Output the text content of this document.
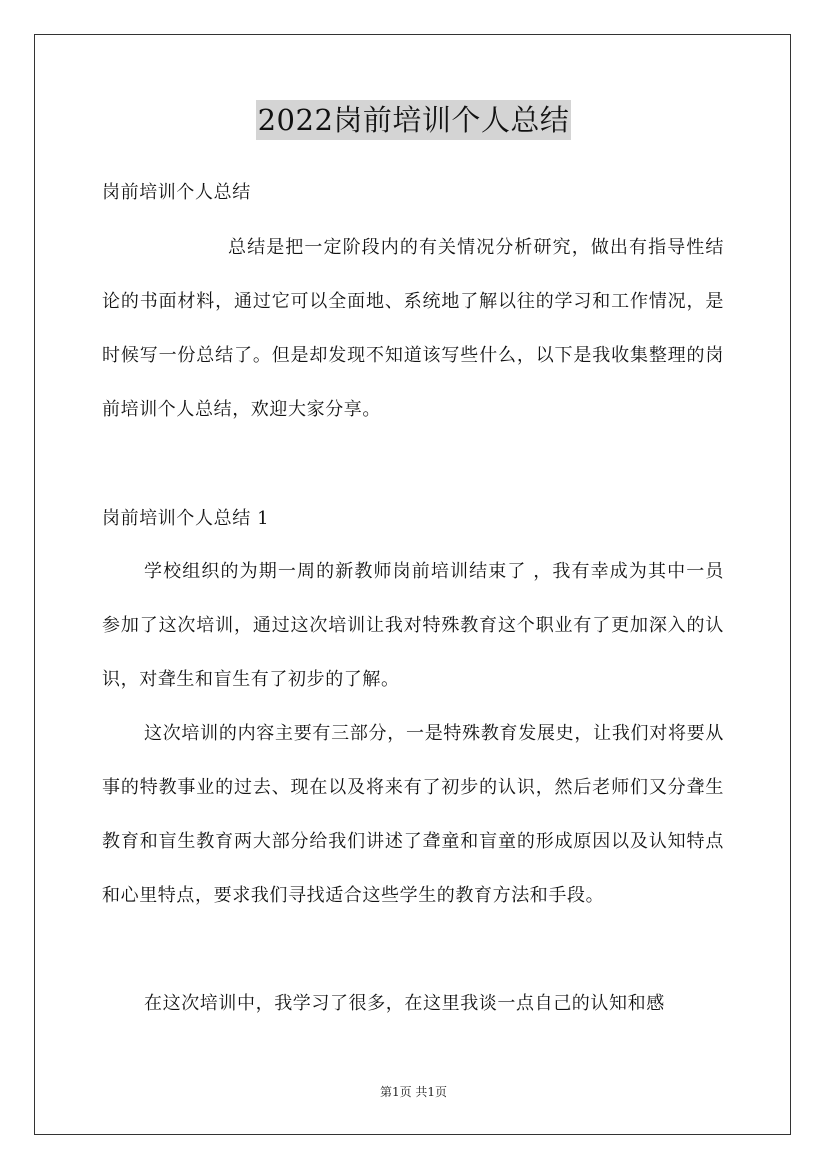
2022岗前培训个人总结
岗前培训个人总结
总结是把一定阶段内的有关情况分析研究，做出有指导性结论的书面材料，通过它可以全面地、系统地了解以往的学习和工作情况，是时候写一份总结了。但是却发现不知道该写些什么，以下是我收集整理的岗前培训个人总结，欢迎大家分享。
岗前培训个人总结 1
学校组织的为期一周的新教师岗前培训结束了 ，我有幸成为其中一员参加了这次培训，通过这次培训让我对特殊教育这个职业有了更加深入的认识，对聋生和盲生有了初步的了解。
这次培训的内容主要有三部分，一是特殊教育发展史，让我们对将要从事的特教事业的过去、现在以及将来有了初步的认识，然后老师们又分聋生教育和盲生教育两大部分给我们讲述了聋童和盲童的形成原因以及认知特点和心里特点，要求我们寻找适合这些学生的教育方法和手段。
在这次培训中，我学习了很多，在这里我谈一点自己的认知和感
第1页 共1页
